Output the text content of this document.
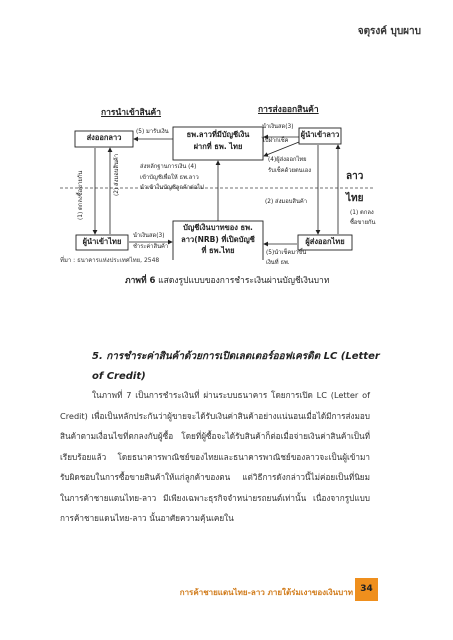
จตุรงค์ บุบผาบ
การนำเข้าสินค้า	การส่งออกสินค้า
ส่งออกลาว	ธพ.ลาวที่มีบัญชีเงิน
ฝากที่ ธพ. ไทย
ผู้นำเข้าลาว
ผู้นำเข้าไทย
บัญชีเงินบาทของ ธพ.
ลาว(NRB) ที่เปิดบัญชี
ที่ ธพ.ไทย
ผู้ส่งออกไทย
ลาว
ไทย
(5) มารับเงิน
นำเงินสด(3)
ไปฝากเช็ค
(4)ผู้ส่งออกไทย
รับเช็คด้วยตนเอง
(2) ส่งมอบสินค้า
(1) ตกลง
ซื้อขายกัน
ส่งหลักฐานการเงิน (4)
เข้าบัญชีเพื่อให้ ธพ.ลาว
นำเข้าในบัญชีลูกค้าต่อไป
นำเงินสด(3)
ชำระค่าสินค้า
(5)นำเช็คมาขึ้น
เงินที่ ธพ.
(1) ตกลงซื้อขายกัน	(2) ส่งมอบสินค้า
ที่มา : ธนาคารแห่งประเทศไทย, 2548
ภาพที่ 6 แสดงรูปแบบของการชำระเงินผ่านบัญชีเงินบาท
5. การชำระค่าสินค้าด้วยการเปิดเลตเตอร์ออฟเครดิต LC (Letter of Credit)
ในภาพที่ 7 เป็นการชำระเงินที่ ผ่านระบบธนาคาร โดยการเปิด LC (Letter of Credit) เพื่อเป็นหลักประกันว่าผู้ขายจะได้รับเงินค่าสินค้าอย่างแน่นอนเมื่อได้มีการส่งมอบสินค้าตามเงื่อนไขที่ตกลงกับผู้ซื้อ โดยที่ผู้ซื้อจะได้รับสินค้าก็ต่อเมื่อจ่ายเงินค่าสินค้าเป็นที่เรียบร้อยแล้ว โดยธนาคารพาณิชย์ของไทยและธนาคารพาณิชย์ของลาวจะเป็นผู้เข้ามารับผิดชอบในการซื้อขายสินค้าให้แก่ลูกค้าของตน แต่วิธีการดังกล่าวนี้ไม่ค่อยเป็นที่นิยมในการค้าชายแดนไทย-ลาว มีเพียงเฉพาะธุรกิจจำหน่ายรถยนต์เท่านั้น เนื่องจากรูปแบบการค้าชายแดนไทย-ลาว นั้นอาศัยความคุ้นเคยใน
การค้าชายแดนไทย-ลาว ภายใต้ร่มเงาของเงินบาท 34
